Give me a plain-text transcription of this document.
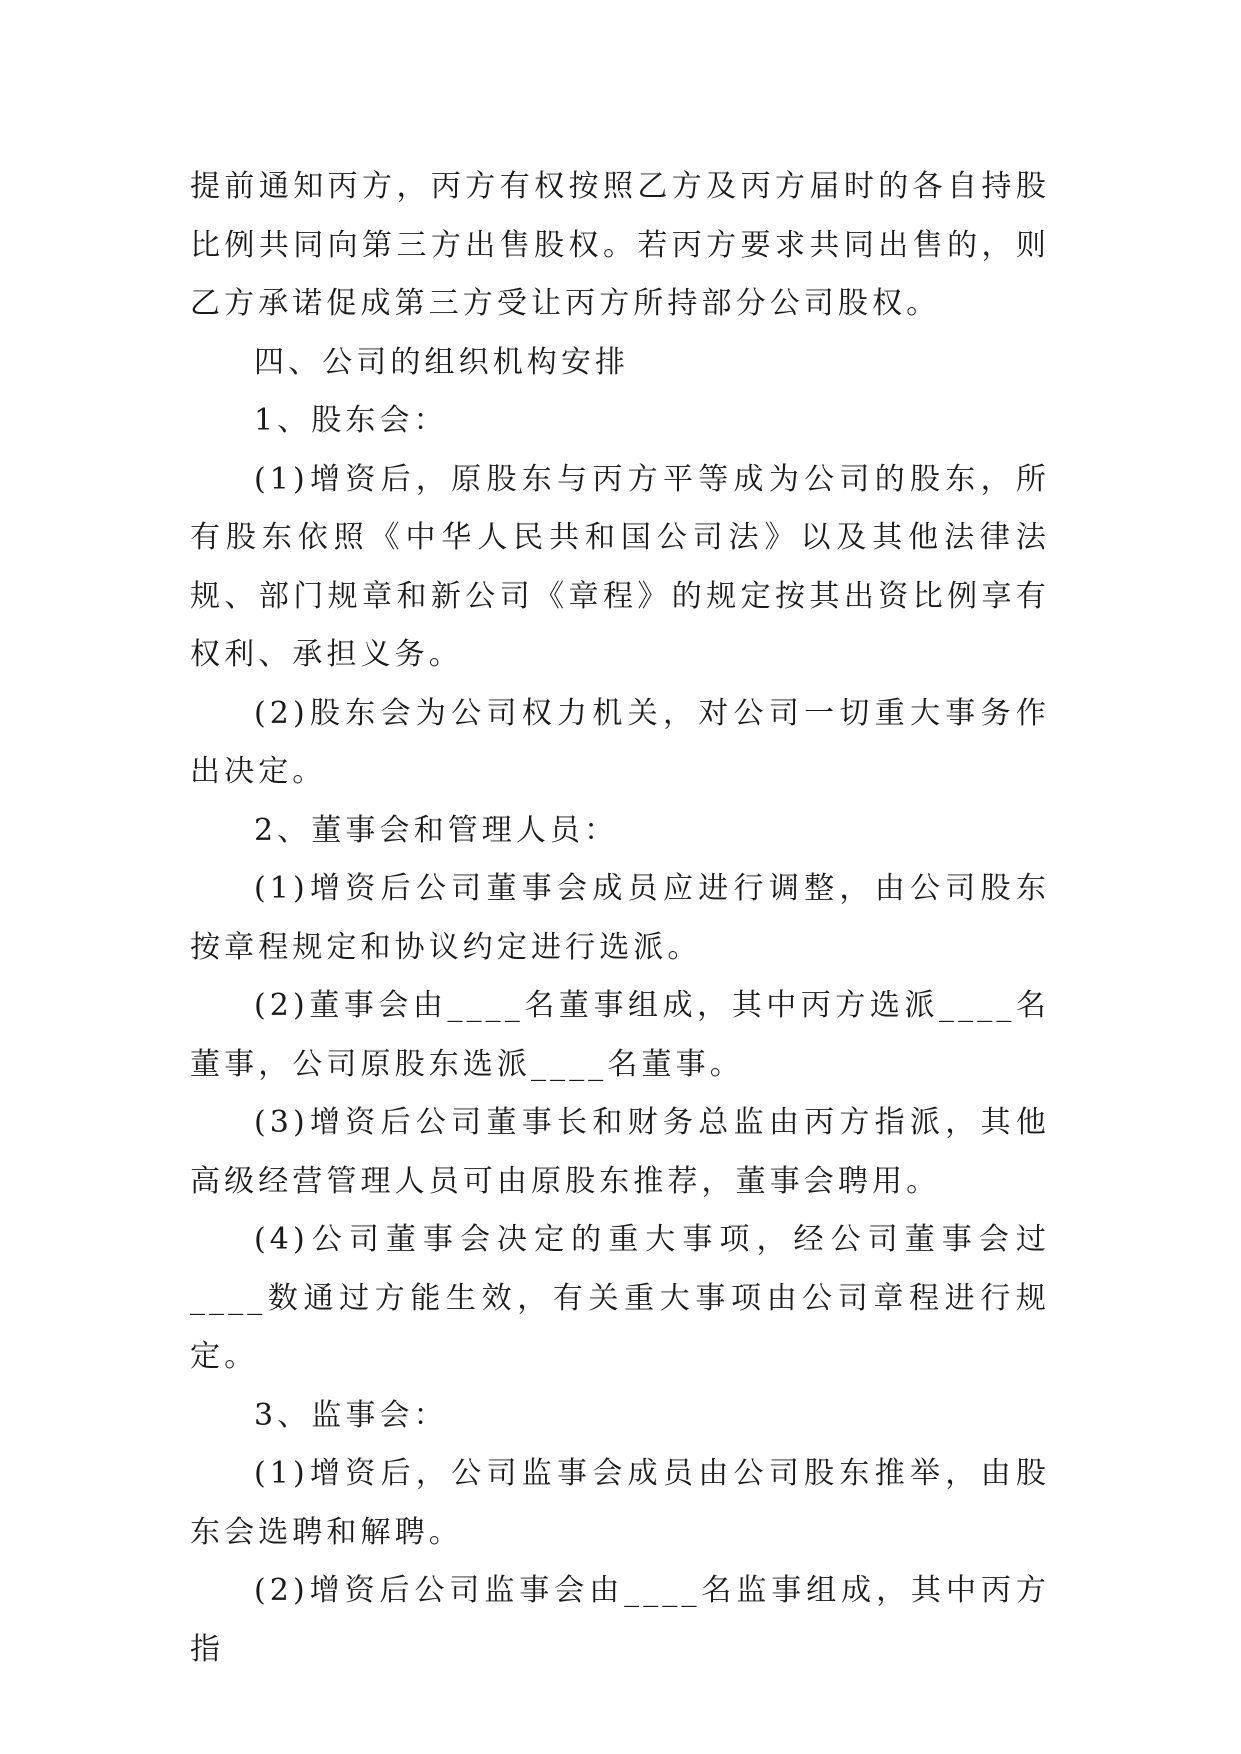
提前通知丙方，丙方有权按照乙方及丙方届时的各自持股比例共同向第三方出售股权。若丙方要求共同出售的，则乙方承诺促成第三方受让丙方所持部分公司股权。

四、公司的组织机构安排

1、股东会：

(1)增资后，原股东与丙方平等成为公司的股东，所有股东依照《中华人民共和国公司法》以及其他法律法规、部门规章和新公司《章程》的规定按其出资比例享有权利、承担义务。

(2)股东会为公司权力机关，对公司一切重大事务作出决定。

2、董事会和管理人员：

(1)增资后公司董事会成员应进行调整，由公司股东按章程规定和协议约定进行选派。

(2)董事会由____名董事组成，其中丙方选派____名董事，公司原股东选派____名董事。

(3)增资后公司董事长和财务总监由丙方指派，其他高级经营管理人员可由原股东推荐，董事会聘用。

(4)公司董事会决定的重大事项，经公司董事会过____数通过方能生效，有关重大事项由公司章程进行规定。

3、监事会：

(1)增资后，公司监事会成员由公司股东推举，由股东会选聘和解聘。

(2)增资后公司监事会由____名监事组成，其中丙方指
